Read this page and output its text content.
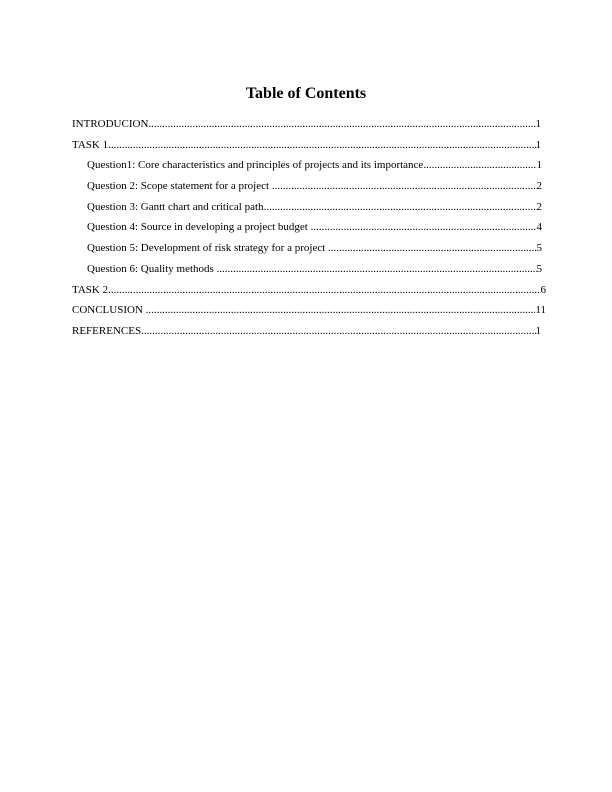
Table of Contents
INTRODUCION .....	1
TASK 1 .....	1
Question1: Core characteristics and principles of projects and its importance .....	1
Question 2: Scope statement for a project .....	2
Question 3: Gantt chart and critical path .....	2
Question 4: Source in developing a project budget .....	4
Question 5: Development of risk strategy for a project .....	5
Question 6: Quality methods .....	5
TASK 2 .....	6
CONCLUSION .....	11
REFERENCES .....	1
